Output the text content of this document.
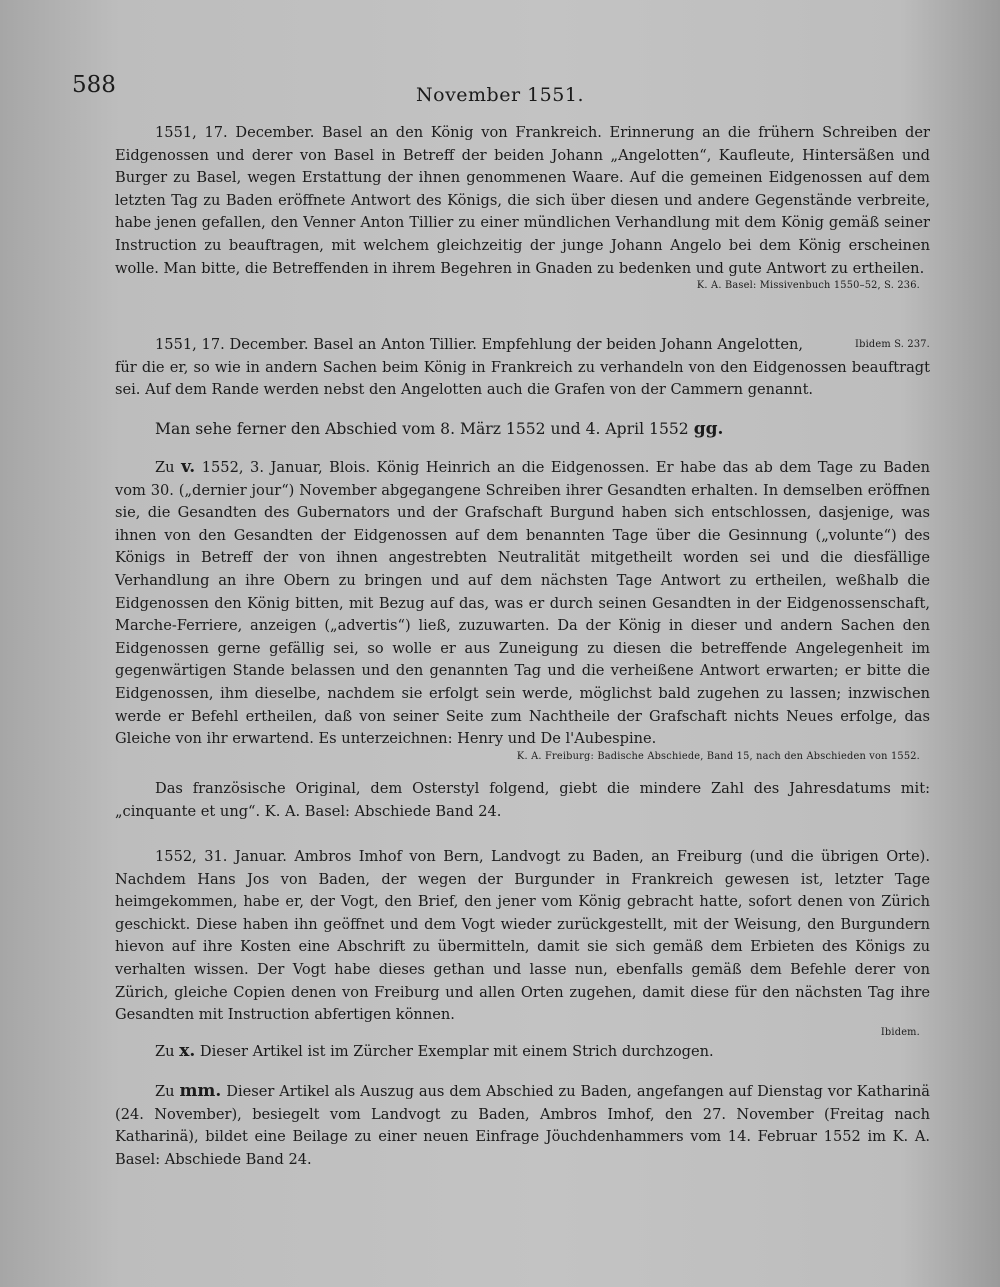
588	November 1551.

1551, 17. December. Basel an den König von Frankreich. Erinnerung an die frühern Schreiben der Eidgenossen und derer von Basel in Betreff der beiden Johann „Angelotten“, Kaufleute, Hintersäßen und Burger zu Basel, wegen Erstattung der ihnen genommenen Waare. Auf die gemeinen Eidgenossen auf dem letzten Tag zu Baden eröffnete Antwort des Königs, die sich über diesen und andere Gegenstände verbreite, habe jenen gefallen, den Venner Anton Tillier zu einer mündlichen Verhandlung mit dem König gemäß seiner Instruction zu beauftragen, mit welchem gleichzeitig der junge Johann Angelo bei dem König erscheinen wolle. Man bitte, die Betreffenden in ihrem Begehren in Gnaden zu bedenken und gute Antwort zu ertheilen.

K. A. Basel: Missivenbuch 1550–52, S. 236.

Ibidem S. 237.
1551, 17. December. Basel an Anton Tillier. Empfehlung der beiden Johann Angelotten, für die er, so wie in andern Sachen beim König in Frankreich zu verhandeln von den Eidgenossen beauftragt sei. Auf dem Rande werden nebst den Angelotten auch die Grafen von der Cammern genannt.

Man sehe ferner den Abschied vom 8. März 1552 und 4. April 1552 gg.

Zu v. 1552, 3. Januar, Blois. König Heinrich an die Eidgenossen. Er habe das ab dem Tage zu Baden vom 30. („dernier jour“) November abgegangene Schreiben ihrer Gesandten erhalten. In demselben eröffnen sie, die Gesandten des Gubernators und der Grafschaft Burgund haben sich entschlossen, dasjenige, was ihnen von den Gesandten der Eidgenossen auf dem benannten Tage über die Gesinnung („volunte“) des Königs in Betreff der von ihnen angestrebten Neutralität mitgetheilt worden sei und die diesfällige Verhandlung an ihre Obern zu bringen und auf dem nächsten Tage Antwort zu ertheilen, weßhalb die Eidgenossen den König bitten, mit Bezug auf das, was er durch seinen Gesandten in der Eidgenossenschaft, Marche-Ferriere, anzeigen („advertis“) ließ, zuzuwarten. Da der König in dieser und andern Sachen den Eidgenossen gerne gefällig sei, so wolle er aus Zuneigung zu diesen die betreffende Angelegenheit im gegenwärtigen Stande belassen und den genannten Tag und die verheißene Antwort erwarten; er bitte die Eidgenossen, ihm dieselbe, nachdem sie erfolgt sein werde, möglichst bald zugehen zu lassen; inzwischen werde er Befehl ertheilen, daß von seiner Seite zum Nachtheile der Grafschaft nichts Neues erfolge, das Gleiche von ihr erwartend. Es unterzeichnen: Henry und De l'Aubespine.

K. A. Freiburg: Badische Abschiede, Band 15, nach den Abschieden von 1552.

Das französische Original, dem Osterstyl folgend, giebt die mindere Zahl des Jahresdatums mit: „cinquante et ung“. K. A. Basel: Abschiede Band 24.

1552, 31. Januar. Ambros Imhof von Bern, Landvogt zu Baden, an Freiburg (und die übrigen Orte). Nachdem Hans Jos von Baden, der wegen der Burgunder in Frankreich gewesen ist, letzter Tage heimgekommen, habe er, der Vogt, den Brief, den jener vom König gebracht hatte, sofort denen von Zürich geschickt. Diese haben ihn geöffnet und dem Vogt wieder zurückgestellt, mit der Weisung, den Burgundern hievon auf ihre Kosten eine Abschrift zu übermitteln, damit sie sich gemäß dem Erbieten des Königs zu verhalten wissen. Der Vogt habe dieses gethan und lasse nun, ebenfalls gemäß dem Befehle derer von Zürich, gleiche Copien denen von Freiburg und allen Orten zugehen, damit diese für den nächsten Tag ihre Gesandten mit Instruction abfertigen können.

Ibidem.

Zu x. Dieser Artikel ist im Zürcher Exemplar mit einem Strich durchzogen.

Zu mm. Dieser Artikel als Auszug aus dem Abschied zu Baden, angefangen auf Dienstag vor Katharinä (24. November), besiegelt vom Landvogt zu Baden, Ambros Imhof, den 27. November (Freitag nach Katharinä), bildet eine Beilage zu einer neuen Einfrage Jöuchdenhammers vom 14. Februar 1552 im K. A. Basel: Abschiede Band 24.
